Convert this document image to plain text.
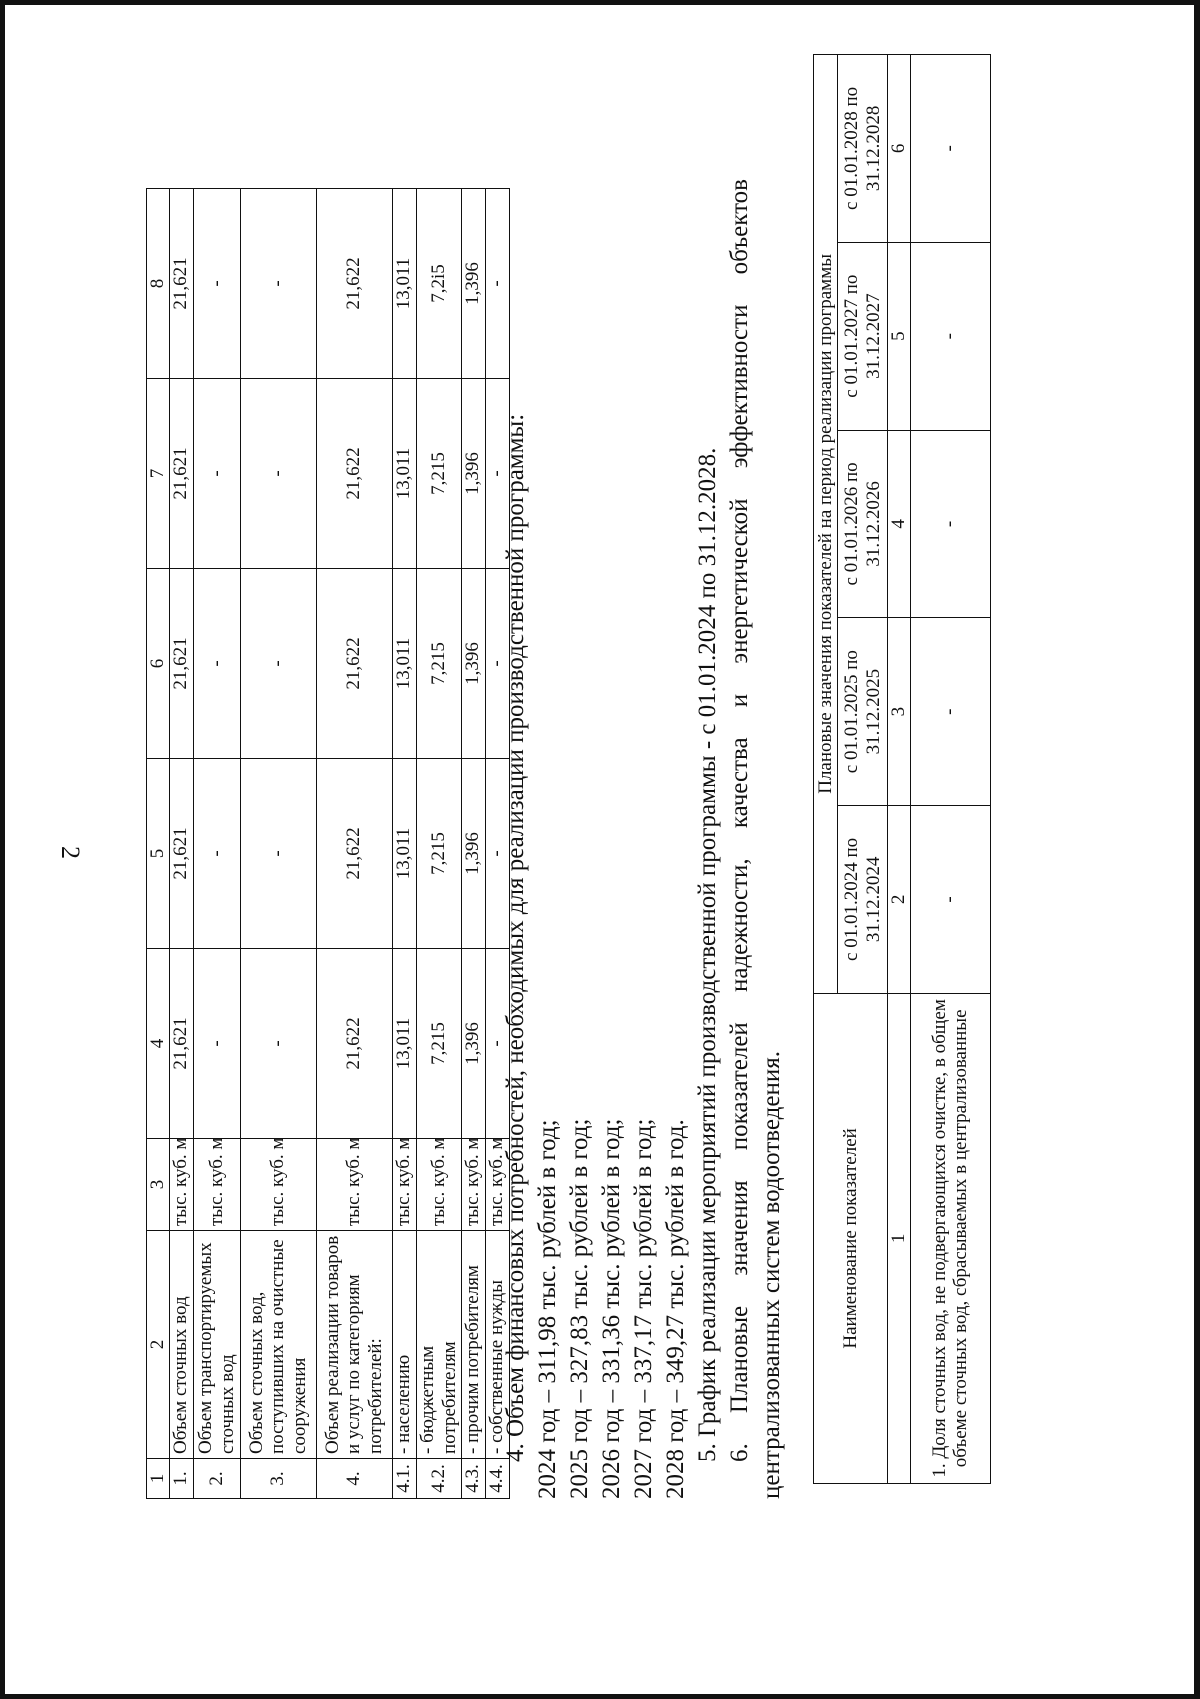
2
1	2	3	4	5	6	7	8
1.	Объем сточных вод	тыс. куб. м	21,621	21,621	21,621	21,621	21,621
2.	Объем транспортируемых сточных вод	тыс. куб. м	-	-	-	-	-
3.	Объем сточных вод, поступивших на очистные сооружения	тыс. куб. м	-	-	-	-	-
4.	Объем реализации товаров и услуг по категориям потребителей:	тыс. куб. м	21,622	21,622	21,622	21,622	21,622
4.1.	- населению	тыс. куб. м	13,011	13,011	13,011	13,011	13,011
4.2.	- бюджетным потребителям	тыс. куб. м	7,215	7,215	7,215	7,215	7,2i5
4.3.	- прочим потребителям	тыс. куб. м	1,396	1,396	1,396	1,396	1,396
4.4.	- собственные нужды	тыс. куб. м	-	-	-	-	-
4. Объем финансовых потребностей, необходимых для реализации производственной программы: 2024 год – 311,98 тыс. рублей в год; 2025 год – 327,83 тыс. рублей в год; 2026 год – 331,36 тыс. рублей в год; 2027 год – 337,17 тыс. рублей в год; 2028 год – 349,27 тыс. рублей в год. 5. График реализации мероприятий производственной программы - с 01.01.2024 по 31.12.2028. 6.
Плановые
значения
показателей
надежности,
качества
и
энергетической
эффективности
объектов
централизованных систем водоотведения.	Наименование показателей	Плановые значения показателей на период реализации программы				
	с 01.01.2024 по 31.12.2024	с 01.01.2025 по 31.12.2025	с 01.01.2026 по 31.12.2026	с 01.01.2027 по 31.12.2027	с 01.01.2028 по 31.12.2028
1	2	3	4	5	6
1. Доля сточных вод, не подвергающихся очистке, в общем объеме сточных вод, сбрасываемых в централизованные	-	-	-	-	-
